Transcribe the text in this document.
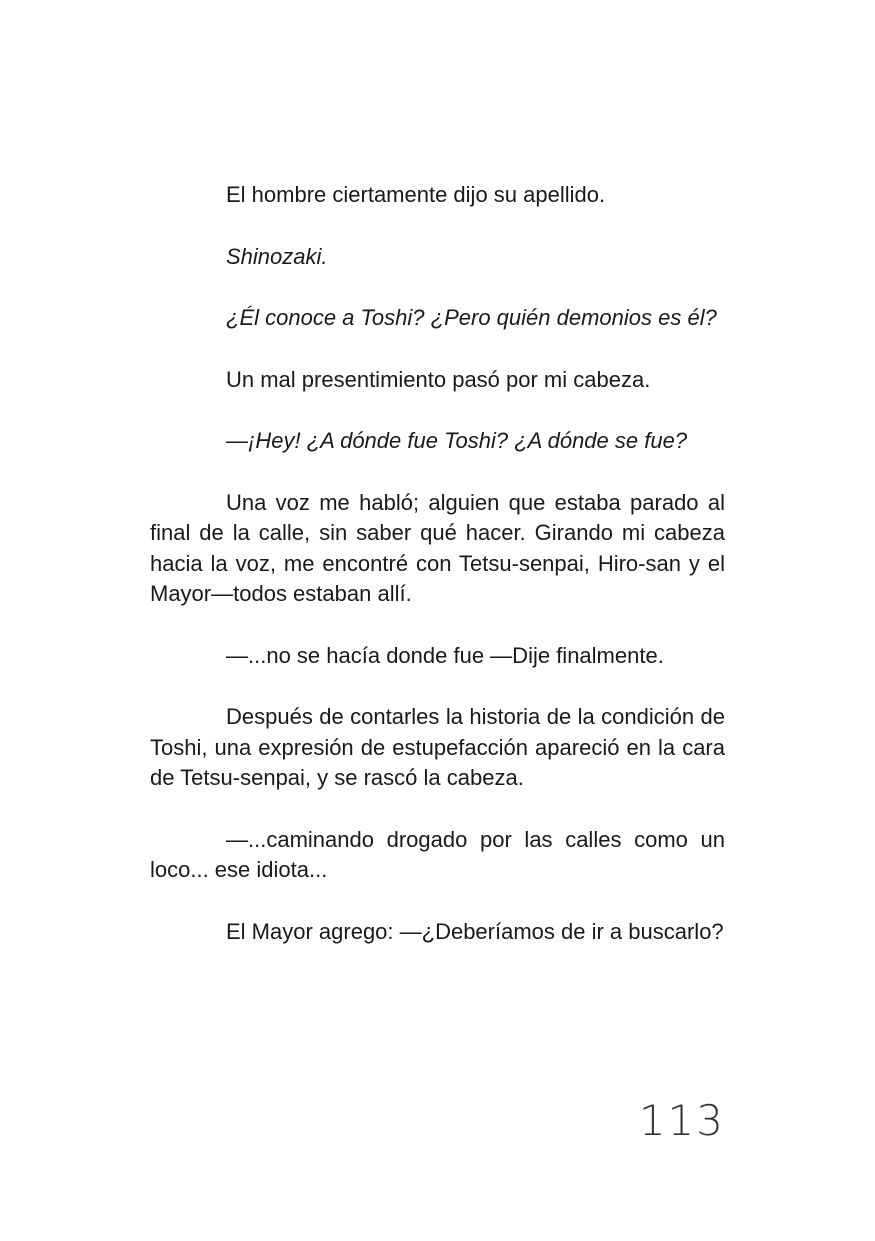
El hombre ciertamente dijo su apellido.

Shinozaki.

¿Él conoce a Toshi? ¿Pero quién demonios es él?

Un mal presentimiento pasó por mi cabeza.

—¡Hey! ¿A dónde fue Toshi? ¿A dónde se fue?

Una voz me habló; alguien que estaba parado al final de la calle, sin saber qué hacer. Girando mi cabeza hacia la voz, me encontré con Tetsu-senpai, Hiro-san y el Mayor—todos estaban allí.

—...no se hacía donde fue —Dije finalmente.

Después de contarles la historia de la condición de Toshi, una expresión de estupefacción apareció en la cara de Tetsu-senpai, y se rascó la cabeza.

—...caminando drogado por las calles como un loco... ese idiota...

El Mayor agrego: —¿Deberíamos de ir a buscarlo?

113
